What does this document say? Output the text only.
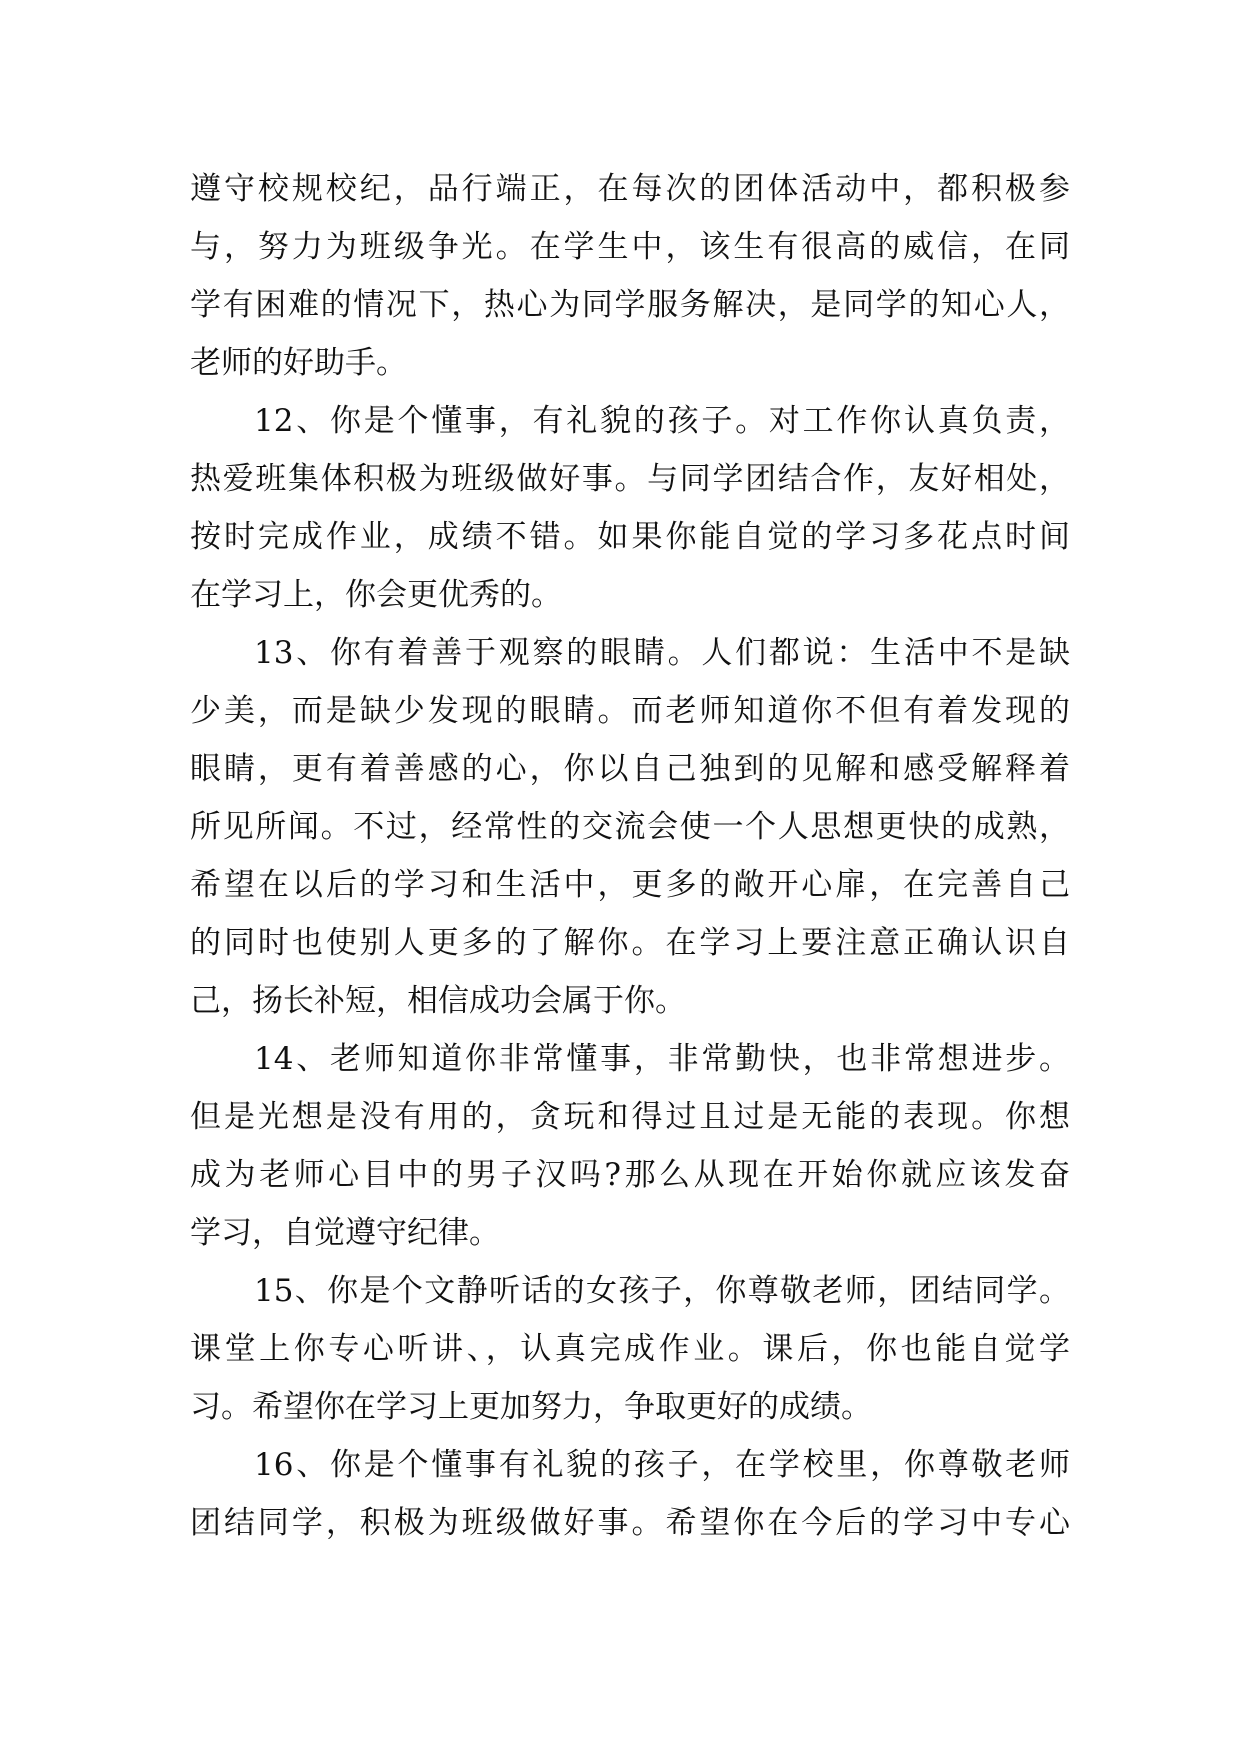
遵守校规校纪，品行端正，在每次的团体活动中，都积极参
与，努力为班级争光。在学生中，该生有很高的威信，在同
学有困难的情况下，热心为同学服务解决，是同学的知心人，
老师的好助手。
12、你是个懂事，有礼貌的孩子。对工作你认真负责，
热爱班集体积极为班级做好事。与同学团结合作，友好相处，
按时完成作业，成绩不错。如果你能自觉的学习多花点时间
在学习上，你会更优秀的。
13、你有着善于观察的眼睛。人们都说：生活中不是缺
少美，而是缺少发现的眼睛。而老师知道你不但有着发现的
眼睛，更有着善感的心，你以自己独到的见解和感受解释着
所见所闻。不过，经常性的交流会使一个人思想更快的成熟，
希望在以后的学习和生活中，更多的敞开心扉，在完善自己
的同时也使别人更多的了解你。在学习上要注意正确认识自
己，扬长补短，相信成功会属于你。
14、老师知道你非常懂事，非常勤快，也非常想进步。
但是光想是没有用的，贪玩和得过且过是无能的表现。你想
成为老师心目中的男子汉吗?那么从现在开始你就应该发奋
学习，自觉遵守纪律。
15、你是个文静听话的女孩子，你尊敬老师，团结同学。
课堂上你专心听讲、，认真完成作业。课后，你也能自觉学
习。希望你在学习上更加努力，争取更好的成绩。
16、你是个懂事有礼貌的孩子，在学校里，你尊敬老师
团结同学，积极为班级做好事。希望你在今后的学习中专心
